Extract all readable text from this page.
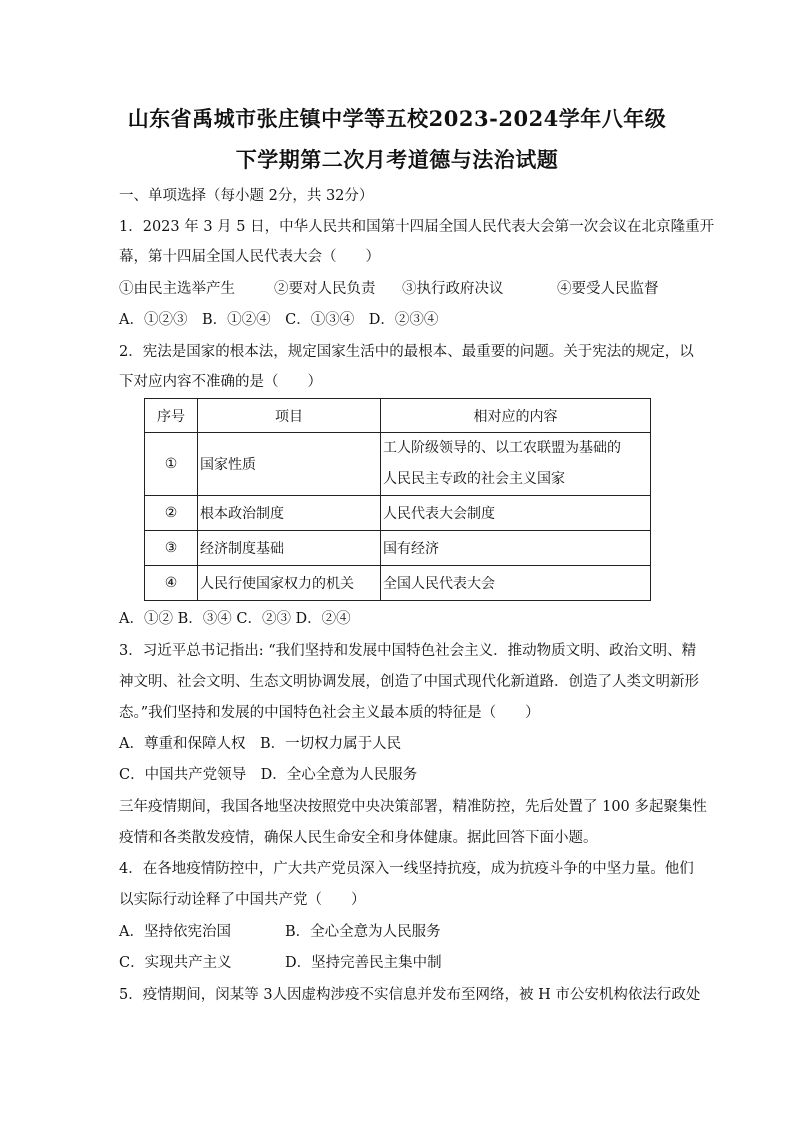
山东省禹城市张庄镇中学等五校2023-2024学年八年级
下学期第二次月考道德与法治试题
一、单项选择（每小题 2分，共 32分）
1．2023 年 3 月 5 日，中华人民共和国第十四届全国人民代表大会第一次会议在北京隆重开
幕，第十四届全国人民代表大会（　　）
①由民主选举产生	②要对人民负责 ③执行政府决议	④要受人民监督
A．①②③　B．①②④　C．①③④　D．②③④
2．宪法是国家的根本法，规定国家生活中的最根本、最重要的问题。关于宪法的规定，以
下对应内容不准确的是（　　）
序号	项目	相对应的内容
①	国家性质	工人阶级领导的、以工农联盟为基础的
人民民主专政的社会主义国家

②	根本政治制度	人民代表大会制度
③	经济制度基础	国有经济
④	人民行使国家权力的机关	全国人民代表大会
A．①② B．③④ C．②③ D．②④
3．习近平总书记指出: “我们坚持和发展中国特色社会主义．推动物质文明、政治文明、精
神文明、社会文明、生态文明协调发展，创造了中国式现代化新道路．创造了人类文明新形
态。”我们坚持和发展的中国特色社会主义最本质的特征是（　　）
A．尊重和保障人权　B．一切权力属于人民
C．中国共产党领导　D．全心全意为人民服务
三年疫情期间，我国各地坚决按照党中央决策部署，精准防控，先后处置了 100 多起聚集性
疫情和各类散发疫情，确保人民生命安全和身体健康。据此回答下面小题。
4．在各地疫情防控中，广大共产党员深入一线坚持抗疫，成为抗疫斗争的中坚力量。他们
以实际行动诠释了中国共产党（　　）
A．坚持依宪治国	B．全心全意为人民服务
C．实现共产主义	D．坚持完善民主集中制
5．疫情期间，闵某等 3人因虚构涉疫不实信息并发布至网络，被 H 市公安机构依法行政处
